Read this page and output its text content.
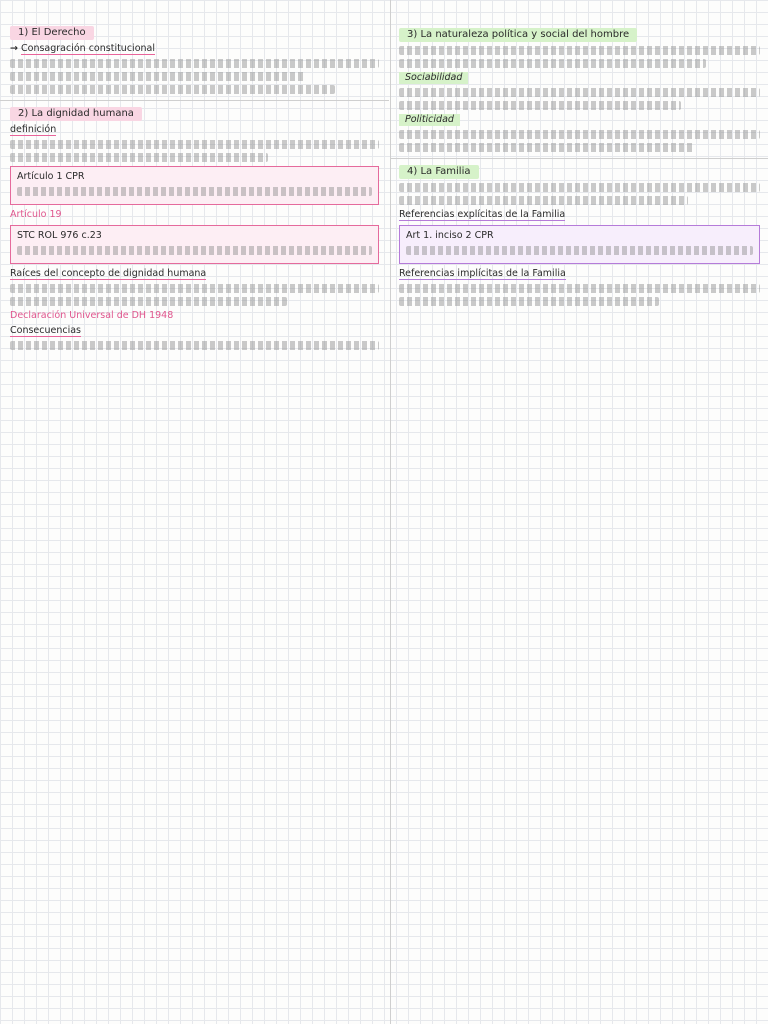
1) El Derecho
→ Consagración constitucional
2) La dignidad humana
definición
Artículo 1 CPR
Artículo 19
STC ROL 976 c.23
Raíces del concepto de dignidad humana
Declaración Universal de DH 1948
Consecuencias
3) La naturaleza política y social del hombre
Sociabilidad
Politicidad
4) La Familia
Referencias explícitas de la Familia
Art 1. inciso 2 CPR
Referencias implícitas de la Familia
